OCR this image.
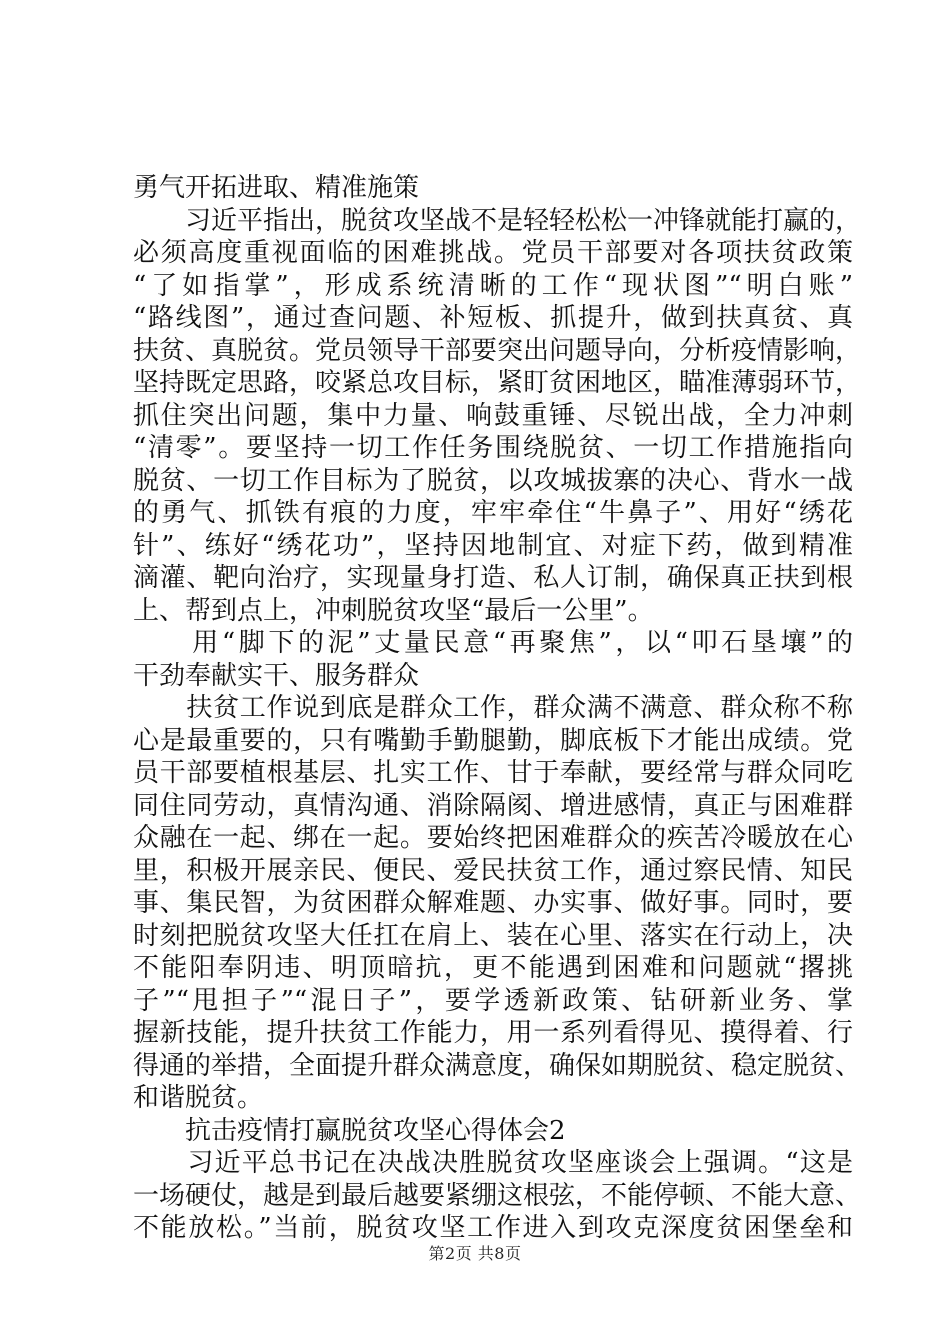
勇气开拓进取、精准施策
　　习近平指出，脱贫攻坚战不是轻轻松松一冲锋就能打赢的，
必须高度重视面临的困难挑战。党员干部要对各项扶贫政策
“了如指掌”，形成系统清晰的工作“现状图”“明白账”
“路线图”，通过查问题、补短板、抓提升，做到扶真贫、真
扶贫、真脱贫。党员领导干部要突出问题导向，分析疫情影响，
坚持既定思路，咬紧总攻目标，紧盯贫困地区，瞄准薄弱环节，
抓住突出问题，集中力量、响鼓重锤、尽锐出战，全力冲刺
“清零”。要坚持一切工作任务围绕脱贫、一切工作措施指向
脱贫、一切工作目标为了脱贫，以攻城拔寨的决心、背水一战
的勇气、抓铁有痕的力度，牢牢牵住“牛鼻子”、用好“绣花
针”、练好“绣花功”，坚持因地制宜、对症下药，做到精准
滴灌、靶向治疗，实现量身打造、私人订制，确保真正扶到根
上、帮到点上，冲刺脱贫攻坚“最后一公里”。
　　用“脚下的泥”丈量民意“再聚焦”，以“叩石垦壤”的
干劲奉献实干、服务群众
　　扶贫工作说到底是群众工作，群众满不满意、群众称不称
心是最重要的，只有嘴勤手勤腿勤，脚底板下才能出成绩。党
员干部要植根基层、扎实工作、甘于奉献，要经常与群众同吃
同住同劳动，真情沟通、消除隔阂、增进感情，真正与困难群
众融在一起、绑在一起。要始终把困难群众的疾苦冷暖放在心
里，积极开展亲民、便民、爱民扶贫工作，通过察民情、知民
事、集民智，为贫困群众解难题、办实事、做好事。同时，要
时刻把脱贫攻坚大任扛在肩上、装在心里、落实在行动上，决
不能阳奉阴违、明顶暗抗，更不能遇到困难和问题就“撂挑
子”“甩担子”“混日子”，要学透新政策、钻研新业务、掌
握新技能，提升扶贫工作能力，用一系列看得见、摸得着、行
得通的举措，全面提升群众满意度，确保如期脱贫、稳定脱贫、
和谐脱贫。
　　抗击疫情打赢脱贫攻坚心得体会2
　　习近平总书记在决战决胜脱贫攻坚座谈会上强调。“这是
一场硬仗，越是到最后越要紧绷这根弦，不能停顿、不能大意、
不能放松。”当前，脱贫攻坚工作进入到攻克深度贫困堡垒和
第2页 共8页
